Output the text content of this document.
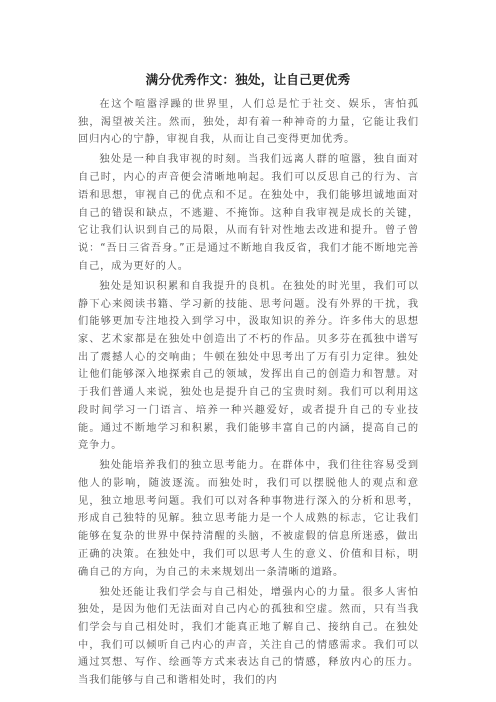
满分优秀作文：独处，让自己更优秀

在这个喧嚣浮躁的世界里，人们总是忙于社交、娱乐，害怕孤独，渴望被关注。然而，独处，却有着一种神奇的力量，它能让我们回归内心的宁静，审视自我，从而让自己变得更加优秀。

独处是一种自我审视的时刻。当我们远离人群的喧嚣，独自面对自己时，内心的声音便会清晰地响起。我们可以反思自己的行为、言语和思想，审视自己的优点和不足。在独处中，我们能够坦诚地面对自己的错误和缺点，不逃避、不掩饰。这种自我审视是成长的关键，它让我们认识到自己的局限，从而有针对性地去改进和提升。曾子曾说：“吾日三省吾身。”正是通过不断地自我反省，我们才能不断地完善自己，成为更好的人。

独处是知识积累和自我提升的良机。在独处的时光里，我们可以静下心来阅读书籍、学习新的技能、思考问题。没有外界的干扰，我们能够更加专注地投入到学习中，汲取知识的养分。许多伟大的思想家、艺术家都是在独处中创造出了不朽的作品。贝多芬在孤独中谱写出了震撼人心的交响曲；牛顿在独处中思考出了万有引力定律。独处让他们能够深入地探索自己的领域，发挥出自己的创造力和智慧。对于我们普通人来说，独处也是提升自己的宝贵时刻。我们可以利用这段时间学习一门语言、培养一种兴趣爱好，或者提升自己的专业技能。通过不断地学习和积累，我们能够丰富自己的内涵，提高自己的竞争力。

独处能培养我们的独立思考能力。在群体中，我们往往容易受到他人的影响，随波逐流。而独处时，我们可以摆脱他人的观点和意见，独立地思考问题。我们可以对各种事物进行深入的分析和思考，形成自己独特的见解。独立思考能力是一个人成熟的标志，它让我们能够在复杂的世界中保持清醒的头脑，不被虚假的信息所迷惑，做出正确的决策。在独处中，我们可以思考人生的意义、价值和目标，明确自己的方向，为自己的未来规划出一条清晰的道路。

独处还能让我们学会与自己相处，增强内心的力量。很多人害怕独处，是因为他们无法面对自己内心的孤独和空虚。然而，只有当我们学会与自己相处时，我们才能真正地了解自己、接纳自己。在独处中，我们可以倾听自己内心的声音，关注自己的情感需求。我们可以通过冥想、写作、绘画等方式来表达自己的情感，释放内心的压力。当我们能够与自己和谐相处时，我们的内
